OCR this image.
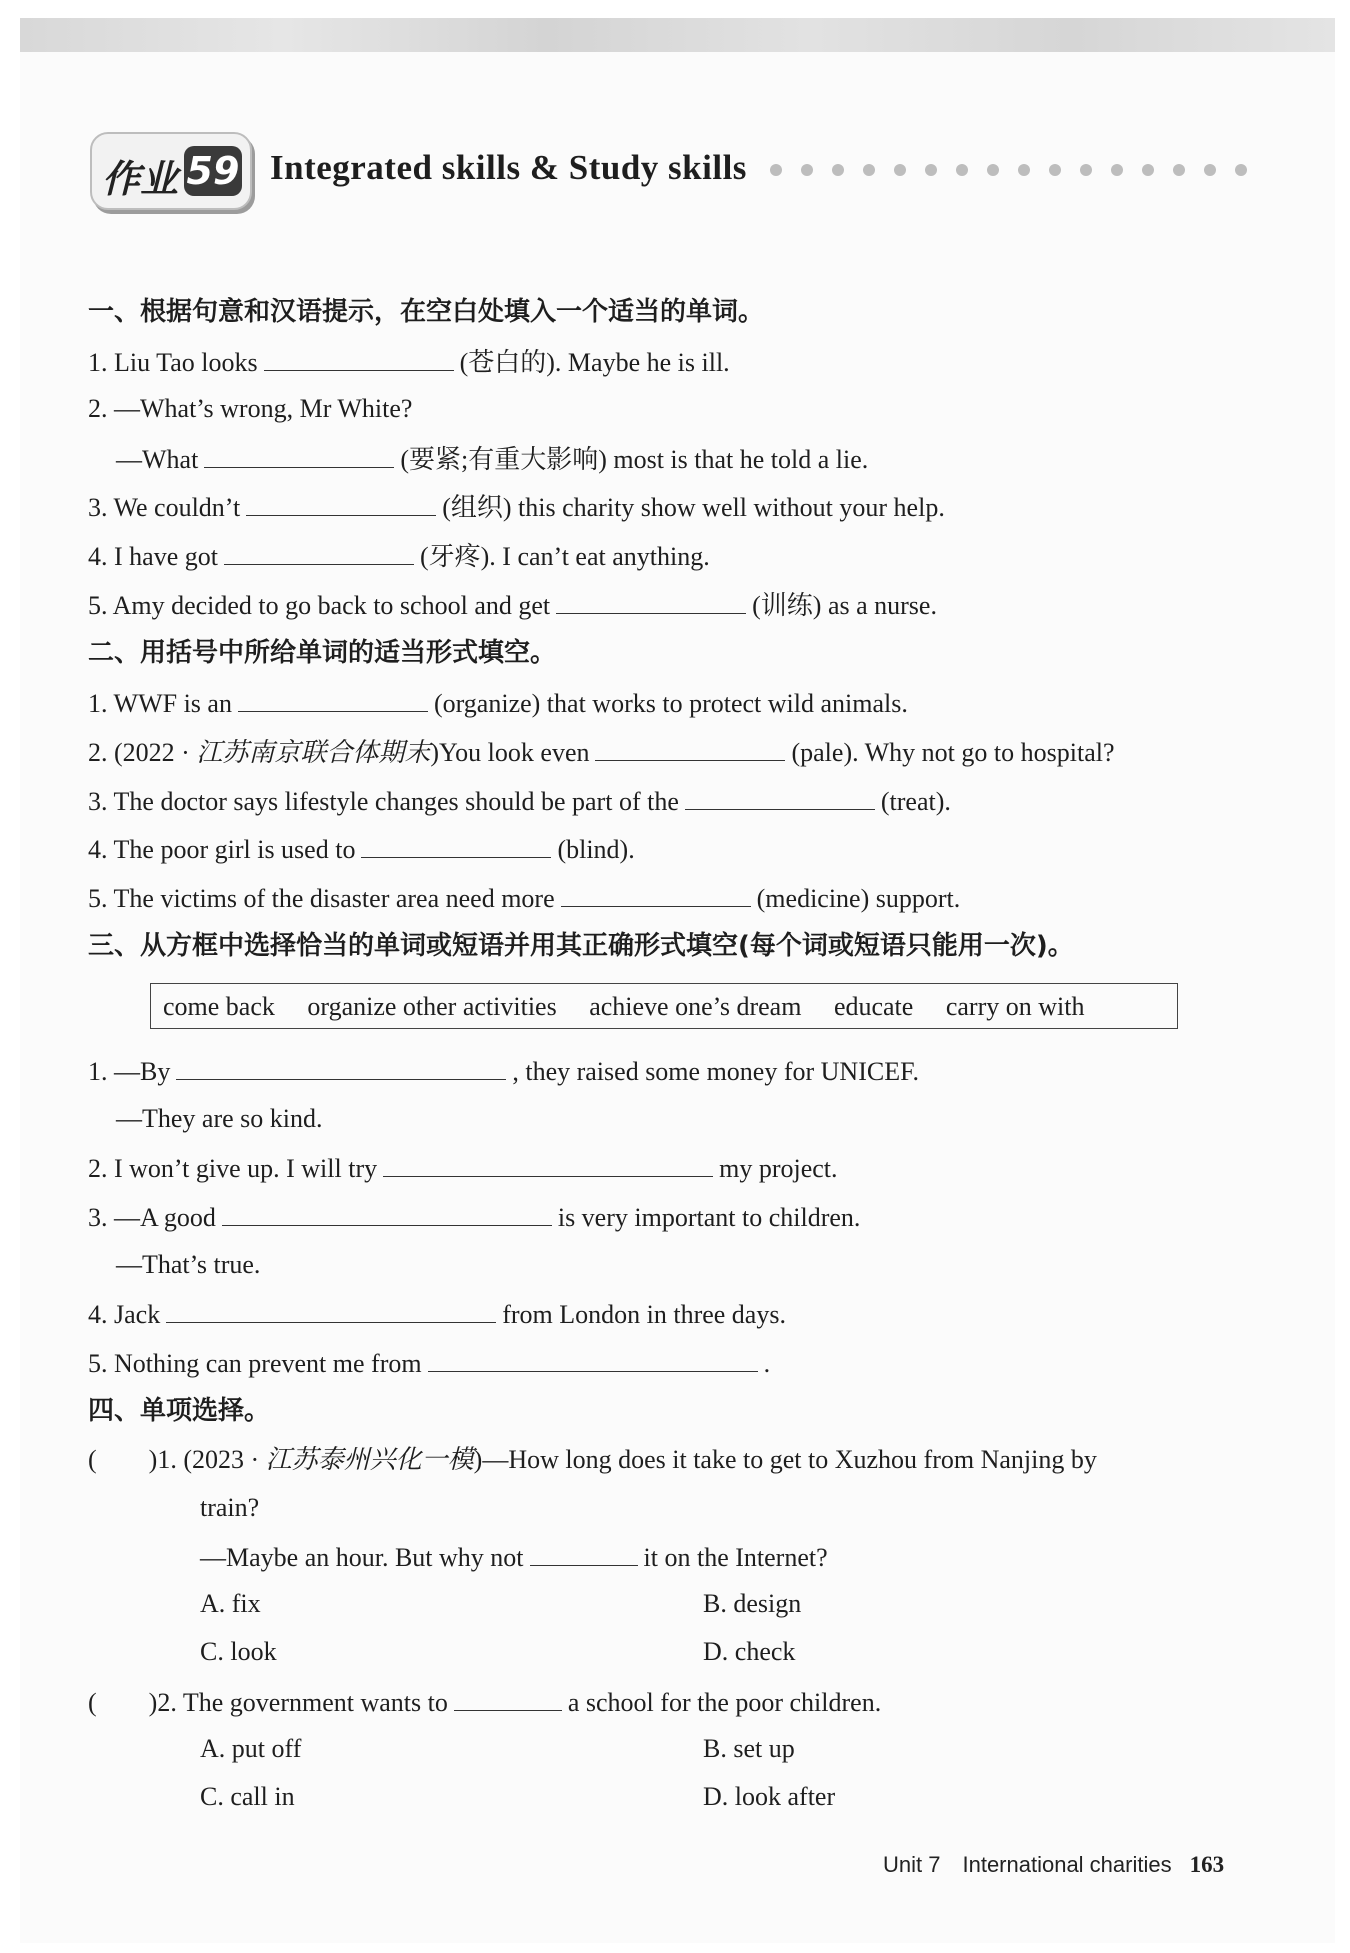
作业 59 Integrated skills & Study skills
一、根据句意和汉语提示，在空白处填入一个适当的单词。
1. Liu Tao looks	(苍白的). Maybe he is ill.
2. —What’s wrong, Mr White?
—What	(要紧;有重大影响) most is that he told a lie.
3. We couldn’t	(组织) this charity show well without your help.
4. I have got	(牙疼). I can’t eat anything.
5. Amy decided to go back to school and get	(训练) as a nurse.
二、用括号中所给单词的适当形式填空。
1. WWF is an	(organize) that works to protect wild animals.
2. (2022 · 江苏南京联合体期末)You look even	(pale). Why not go to hospital?
3. The doctor says lifestyle changes should be part of the	(treat).
4. The poor girl is used to	(blind).
5. The victims of the disaster area need more	(medicine) support.
三、从方框中选择恰当的单词或短语并用其正确形式填空(每个词或短语只能用一次)。
come back organize other activities achieve one’s dream educate carry on with
1. —By	, they raised some money for UNICEF.
—They are so kind.
2. I won’t give up. I will try	my project.
3. —A good	is very important to children.
—That’s true.
4. Jack	from London in three days.
5. Nothing can prevent me from	.
四、单项选择。
(　　)1. (2023 · 江苏泰州兴化一模)—How long does it take to get to Xuzhou from Nanjing by
train?
—Maybe an hour. But why not	it on the Internet?
A. fix	B. design
C. look	D. check
(　　)2. The government wants to	a school for the poor children.
A. put off	B. set up
C. call in	D. look after
Unit 7 International charities 163
